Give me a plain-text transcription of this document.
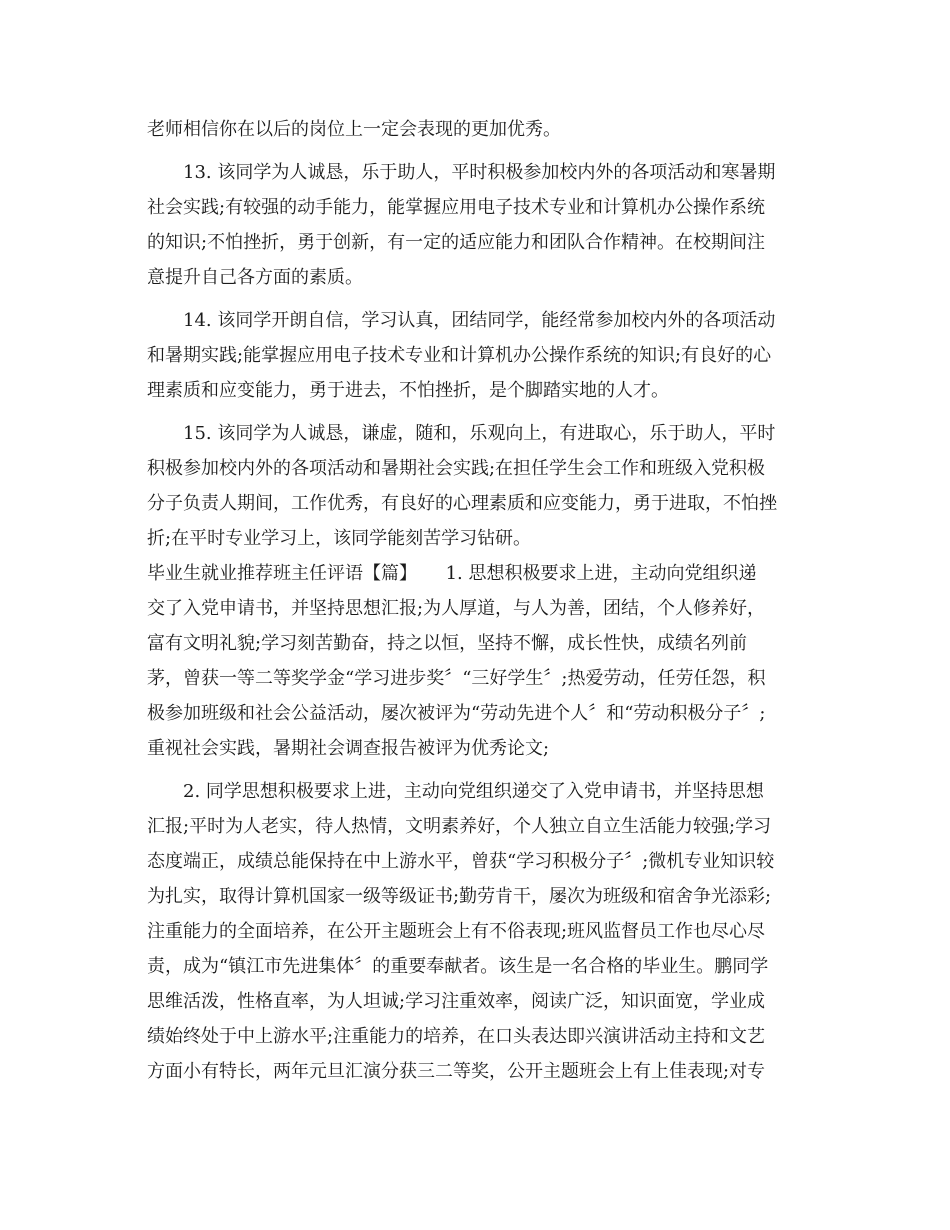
老师相信你在以后的岗位上一定会表现的更加优秀。
13. 该同学为人诚恳，乐于助人，平时积极参加校内外的各项活动和寒暑期
社会实践;有较强的动手能力，能掌握应用电子技术专业和计算机办公操作系统
的知识;不怕挫折，勇于创新，有一定的适应能力和团队合作精神。在校期间注
意提升自己各方面的素质。
14. 该同学开朗自信，学习认真，团结同学，能经常参加校内外的各项活动
和暑期实践;能掌握应用电子技术专业和计算机办公操作系统的知识;有良好的心
理素质和应变能力，勇于进去，不怕挫折，是个脚踏实地的人才。
15. 该同学为人诚恳，谦虚，随和，乐观向上，有进取心，乐于助人，平时
积极参加校内外的各项活动和暑期社会实践;在担任学生会工作和班级入党积极
分子负责人期间，工作优秀，有良好的心理素质和应变能力，勇于进取，不怕挫
折;在平时专业学习上，该同学能刻苦学习钻研。
毕业生就业推荐班主任评语【篇】     1. 思想积极要求上进，主动向党组织递
交了入党申请书，并坚持思想汇报;为人厚道，与人为善，团结，个人修养好，
富有文明礼貌;学习刻苦勤奋，持之以恒，坚持不懈，成长性快，成绩名列前
茅，曾获一等二等奖学金“学习进步奖〞“三好学生〞;热爱劳动，任劳任怨，积
极参加班级和社会公益活动，屡次被评为“劳动先进个人〞和“劳动积极分子〞;
重视社会实践，暑期社会调查报告被评为优秀论文;
2. 同学思想积极要求上进，主动向党组织递交了入党申请书，并坚持思想
汇报;平时为人老实，待人热情，文明素养好，个人独立自立生活能力较强;学习
态度端正，成绩总能保持在中上游水平，曾获“学习积极分子〞;微机专业知识较
为扎实，取得计算机国家一级等级证书;勤劳肯干，屡次为班级和宿舍争光添彩;
注重能力的全面培养，在公开主题班会上有不俗表现;班风监督员工作也尽心尽
责，成为“镇江市先进集体〞的重要奉献者。该生是一名合格的毕业生。鹏同学
思维活泼，性格直率，为人坦诚;学习注重效率，阅读广泛，知识面宽，学业成
绩始终处于中上游水平;注重能力的培养，在口头表达即兴演讲活动主持和文艺
方面小有特长，两年元旦汇演分获三二等奖，公开主题班会上有上佳表现;对专
